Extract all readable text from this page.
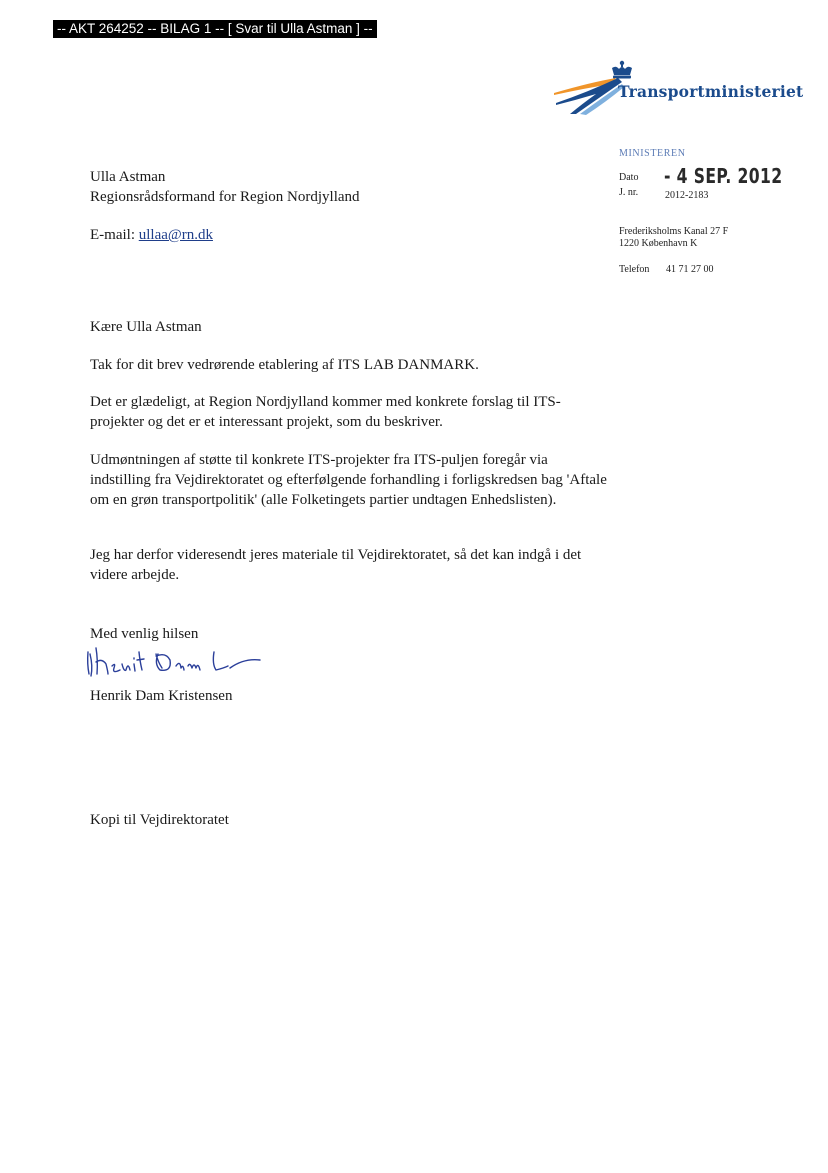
-- AKT 264252 -- BILAG 1 -- [ Svar til Ulla Astman ] --
Transportministeriet
MINISTEREN
Dato - 4 SEP. 2012
J. nr.	2012-2183
Frederiksholms Kanal 27 F
1220 København K
Telefon 41 71 27 00
Ulla Astman
Regionsrådsformand for Region Nordjylland
E-mail: ullaa@rn.dk
Kære Ulla Astman
Tak for dit brev vedrørende etablering af ITS LAB DANMARK.
Det er glædeligt, at Region Nordjylland kommer med konkrete forslag til ITS-projekter og det er et interessant projekt, som du beskriver.
Udmøntningen af støtte til konkrete ITS-projekter fra ITS-puljen foregår via indstilling fra Vejdirektoratet og efterfølgende forhandling i forligskredsen bag 'Aftale om en grøn transportpolitik' (alle Folketingets partier undtagen Enhedslisten).
Jeg har derfor videresendt jeres materiale til Vejdirektoratet, så det kan indgå i det videre arbejde.
Med venlig hilsen
Henrik Dam Kristensen
Kopi til Vejdirektoratet
